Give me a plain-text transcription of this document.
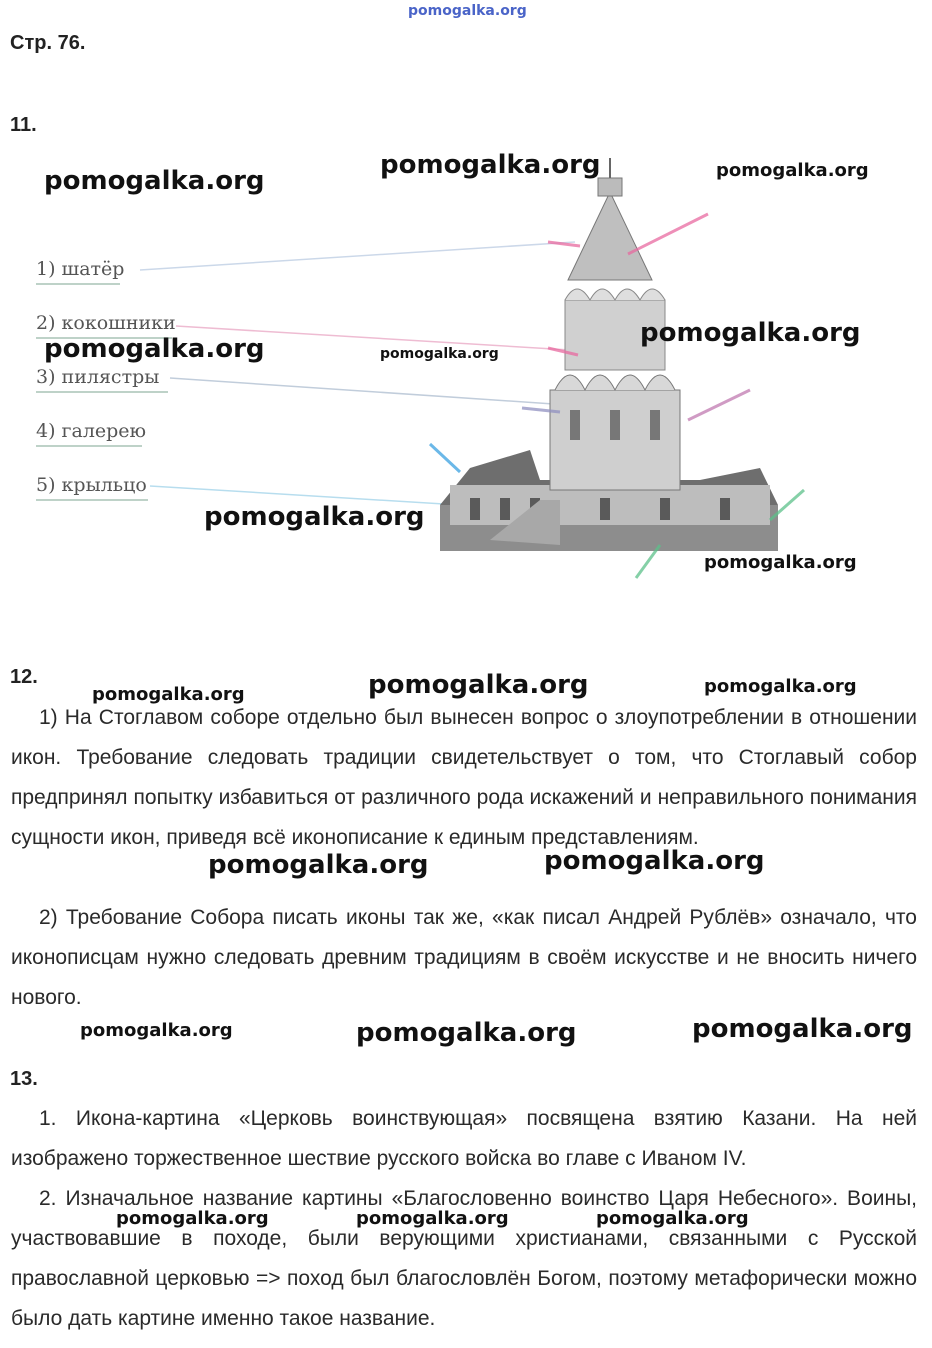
pomogalka.org
Стр. 76.
11.
1) шатёр
2) кокошники
3) пилястры
4) галерею
5) крыльцо
12.

1) На Стоглавом соборе отдельно был вынесен вопрос о злоупотреблении в отношении икон. Требование следовать традиции свидетельствует о том, что Стоглавый собор предпринял попытку избавиться от различного рода искажений и неправильного понимания сущности икон, приведя всё иконописание к единым представлениям.

2) Требование Собора писать иконы так же, «как писал Андрей Рублёв» означало, что иконописцам нужно следовать древним традициям в своём искусстве и не вносить ничего нового.

13.

1. Икона-картина «Церковь воинствующая» посвящена взятию Казани. На ней изображено торжественное шествие русского войска во главе с Иваном IV.

2. Изначальное название картины «Благословенно воинство Царя Небесного». Воины, участвовавшие в походе, были верующими христианами, связанными с Русской православной церковью => поход был благословлён Богом, поэтому метафорически можно было дать картине именно такое название.

pomogalka.org
pomogalka.org	pomogalka.org
pomogalka.org
pomogalka.org	pomogalka.org
pomogalka.org
pomogalka.org
pomogalka.org	pomogalka.org	pomogalka.org
pomogalka.org	pomogalka.org
pomogalka.org	pomogalka.org	pomogalka.org
pomogalka.org	pomogalka.org	pomogalka.org
